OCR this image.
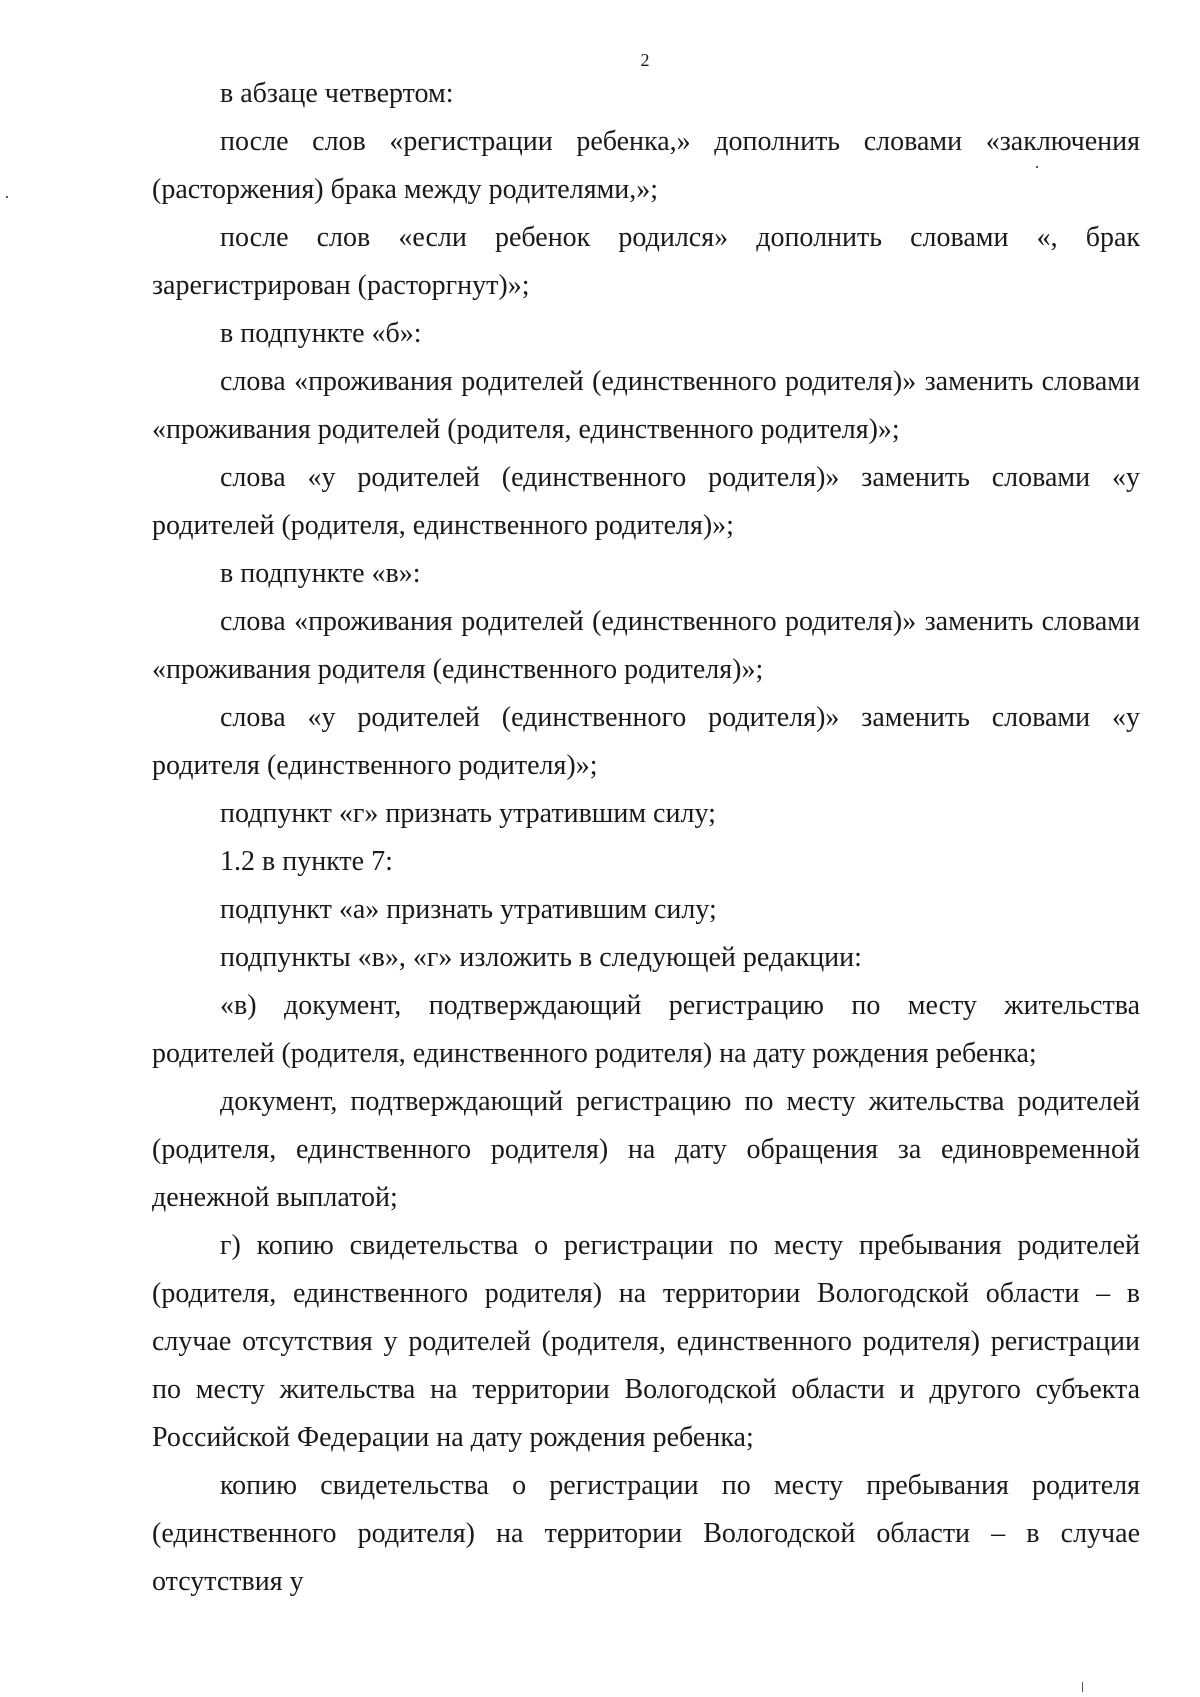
2

в абзаце четвертом:

после слов «регистрации ребенка,» дополнить словами «заключения (расторжения) брака между родителями,»;

после слов «если ребенок родился» дополнить словами «, брак зарегистрирован (расторгнут)»;

в подпункте «б»:

слова «проживания родителей (единственного родителя)» заменить словами «проживания родителей (родителя, единственного родителя)»;

слова «у родителей (единственного родителя)» заменить словами «у родителей (родителя, единственного родителя)»;

в подпункте «в»:

слова «проживания родителей (единственного родителя)» заменить словами «проживания родителя (единственного родителя)»;

слова «у родителей (единственного родителя)» заменить словами «у родителя (единственного родителя)»;

подпункт «г» признать утратившим силу;

1.2 в пункте 7:

подпункт «а» признать утратившим силу;

подпункты «в», «г» изложить в следующей редакции:

«в) документ, подтверждающий регистрацию по месту жительства родителей (родителя, единственного родителя) на дату рождения ребенка;

документ, подтверждающий регистрацию по месту жительства родителей (родителя, единственного родителя) на дату обращения за единовременной денежной выплатой;

г) копию свидетельства о регистрации по месту пребывания родителей (родителя, единственного родителя) на территории Вологодской области – в случае отсутствия у родителей (родителя, единственного родителя) регистрации по месту жительства на территории Вологодской области и другого субъекта Российской Федерации на дату рождения ребенка;

копию свидетельства о регистрации по месту пребывания родителя (единственного родителя) на территории Вологодской области – в случае отсутствия у
